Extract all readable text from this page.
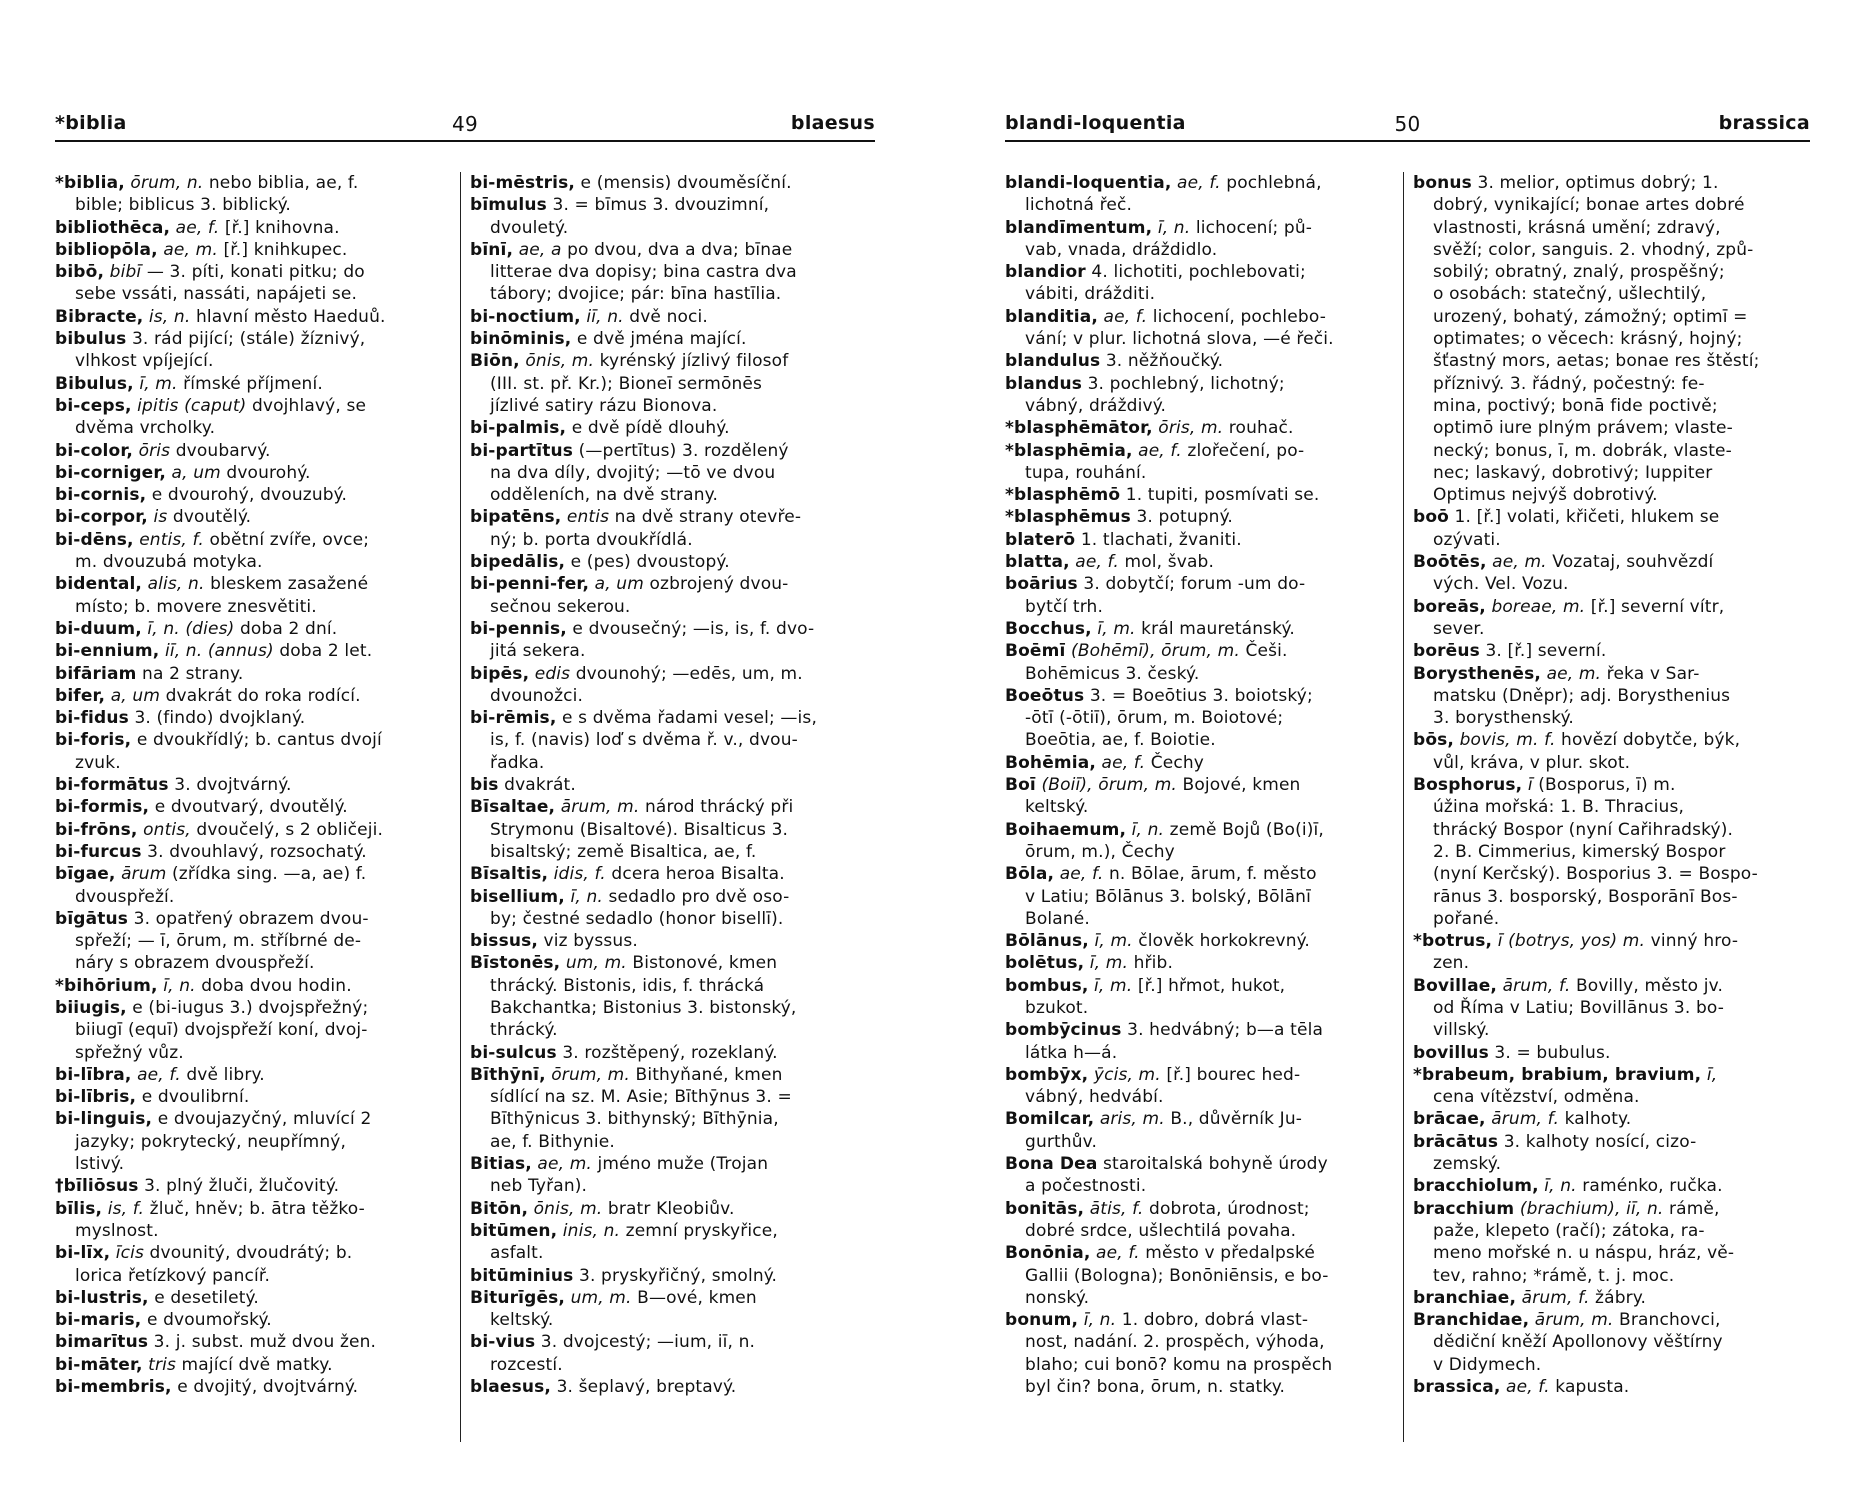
*biblia	49	blaesus
*biblia, ōrum, n. nebo biblia, ae, f.
bible; biblicus 3. biblický.
bibliothēca, ae, f. [ř.] knihovna.
bibliopōla, ae, m. [ř.] knihkupec.
bibō, bibī — 3. píti, konati pitku; do
sebe vssáti, nassáti, napájeti se.
Bibracte, is, n. hlavní město Haeduů.
bibulus 3. rád pijící; (stále) žíznivý,
vlhkost vpíjející.
Bibulus, ī, m. římské příjmení.
bi-ceps, ipitis (caput) dvojhlavý, se
dvěma vrcholky.
bi-color, ōris dvoubarvý.
bi-corniger, a, um dvourohý.
bi-cornis, e dvourohý, dvouzubý.
bi-corpor, is dvoutělý.
bi-dēns, entis, f. obětní zvíře, ovce;
m. dvouzubá motyka.
bidental, alis, n. bleskem zasažené
místo; b. movere znesvětiti.
bi-duum, ī, n. (dies) doba 2 dní.
bi-ennium, iī, n. (annus) doba 2 let.
bifāriam na 2 strany.
bifer, a, um dvakrát do roka rodící.
bi-fidus 3. (findo) dvojklaný.
bi-foris, e dvoukřídlý; b. cantus dvojí
zvuk.
bi-formātus 3. dvojtvárný.
bi-formis, e dvoutvarý, dvoutělý.
bi-frōns, ontis, dvoučelý, s 2 obličeji.
bi-furcus 3. dvouhlavý, rozsochatý.
bīgae, ārum (zřídka sing. —a, ae) f.
dvouspřeží.
bīgātus 3. opatřený obrazem dvou-
spřeží; — ī, ōrum, m. stříbrné de-
náry s obrazem dvouspřeží.
*bihōrium, ī, n. doba dvou hodin.
biiugis, e (bi-iugus 3.) dvojspřežný;
biiugī (equī) dvojspřeží koní, dvoj-
spřežný vůz.
bi-lībra, ae, f. dvě libry.
bi-lībris, e dvoulibrní.
bi-linguis, e dvoujazyčný, mluvící 2
jazyky; pokrytecký, neupřímný,
lstivý.
†bīliōsus 3. plný žluči, žlučovitý.
bīlis, is, f. žluč, hněv; b. ātra těžko-
myslnost.
bi-līx, īcis dvounitý, dvoudrátý; b.
lorica řetízkový pancíř.
bi-lustris, e desetiletý.
bi-maris, e dvoumořský.
bimarītus 3. j. subst. muž dvou žen.
bi-māter, tris mající dvě matky.
bi-membris, e dvojitý, dvojtvárný.
bi-mēstris, e (mensis) dvouměsíční.
bīmulus 3. = bīmus 3. dvouzimní,
dvouletý.
bīnī, ae, a po dvou, dva a dva; bīnae
litterae dva dopisy; bina castra dva
tábory; dvojice; pár: bīna hastīlia.
bi-noctium, iī, n. dvě noci.
binōminis, e dvě jména mající.
Biōn, ōnis, m. kyrénský jízlivý filosof
(III. st. př. Kr.); Bioneī sermōnēs
jízlivé satiry rázu Bionova.
bi-palmis, e dvě pídě dlouhý.
bi-partītus (—pertītus) 3. rozdělený
na dva díly, dvojitý; —tō ve dvou
odděleních, na dvě strany.
bipatēns, entis na dvě strany otevře-
ný; b. porta dvoukřídlá.
bipedālis, e (pes) dvoustopý.
bi-penni-fer, a, um ozbrojený dvou-
sečnou sekerou.
bi-pennis, e dvousečný; —is, is, f. dvo-
jitá sekera.
bipēs, edis dvounohý; —edēs, um, m.
dvounožci.
bi-rēmis, e s dvěma řadami vesel; —is,
is, f. (navis) loď s dvěma ř. v., dvou-
řadka.
bis dvakrát.
Bīsaltae, ārum, m. národ thrácký při
Strymonu (Bisaltové). Bisalticus 3.
bisaltský; země Bisaltica, ae, f.
Bīsaltis, idis, f. dcera heroa Bisalta.
bisellium, ī, n. sedadlo pro dvě oso-
by; čestné sedadlo (honor bisellī).
bissus, viz byssus.
Bīstonēs, um, m. Bistonové, kmen
thrácký. Bistonis, idis, f. thrácká
Bakchantka; Bistonius 3. bistonský,
thrácký.
bi-sulcus 3. rozštěpený, rozeklaný.
Bīthȳnī, ōrum, m. Bithyňané, kmen
sídlící na sz. M. Asie; Bīthȳnus 3. =
Bīthȳnicus 3. bithynský; Bīthȳnia,
ae, f. Bithynie.
Bitias, ae, m. jméno muže (Trojan
neb Tyřan).
Bitōn, ōnis, m. bratr Kleobiův.
bitūmen, inis, n. zemní pryskyřice,
asfalt.
bitūminius 3. pryskyřičný, smolný.
Biturīgēs, um, m. B—ové, kmen
keltský.
bi-vius 3. dvojcestý; —ium, iī, n.
rozcestí.
blaesus, 3. šeplavý, breptavý.
blandi-loquentia	50	brassica
blandi-loquentia, ae, f. pochlebná,
lichotná řeč.
blandīmentum, ī, n. lichocení; pů-
vab, vnada, dráždidlo.
blandior 4. lichotiti, pochlebovati;
vábiti, drážditi.
blanditia, ae, f. lichocení, pochlebo-
vání; v plur. lichotná slova, —é řeči.
blandulus 3. něžňoučký.
blandus 3. pochlebný, lichotný;
vábný, dráždivý.
*blasphēmātor, ōris, m. rouhač.
*blasphēmia, ae, f. zlořečení, po-
tupa, rouhání.
*blasphēmō 1. tupiti, posmívati se.
*blasphēmus 3. potupný.
blaterō 1. tlachati, žvaniti.
blatta, ae, f. mol, švab.
boārius 3. dobytčí; forum -um do-
bytčí trh.
Bocchus, ī, m. král mauretánský.
Boēmī (Bohēmī), ōrum, m. Češi.
Bohēmicus 3. český.
Boeōtus 3. = Boeōtius 3. boiotský;
-ōtī (-ōtiī), ōrum, m. Boiotové;
Boeōtia, ae, f. Boiotie.
Bohēmia, ae, f. Čechy
Boī (Boiī), ōrum, m. Bojové, kmen
keltský.
Boihaemum, ī, n. země Bojů (Bo(i)ī,
ōrum, m.), Čechy
Bōla, ae, f. n. Bōlae, ārum, f. město
v Latiu; Bōlānus 3. bolský, Bōlānī
Bolané.
Bōlānus, ī, m. člověk horkokrevný.
bolētus, ī, m. hřib.
bombus, ī, m. [ř.] hřmot, hukot,
bzukot.
bombȳcinus 3. hedvábný; b—a tēla
látka h—á.
bombȳx, ȳcis, m. [ř.] bourec hed-
vábný, hedvábí.
Bomilcar, aris, m. B., důvěrník Ju-
gurthův.
Bona Dea staroitalská bohyně úrody
a počestnosti.
bonitās, ātis, f. dobrota, úrodnost;
dobré srdce, ušlechtilá povaha.
Bonōnia, ae, f. město v předalpské
Gallii (Bologna); Bonōniēnsis, e bo-
nonský.
bonum, ī, n. 1. dobro, dobrá vlast-
nost, nadání. 2. prospěch, výhoda,
blaho; cui bonō? komu na prospěch
byl čin? bona, ōrum, n. statky.
bonus 3. melior, optimus dobrý; 1.
dobrý, vynikající; bonae artes dobré
vlastnosti, krásná umění; zdravý,
svěží; color, sanguis. 2. vhodný, způ-
sobilý; obratný, znalý, prospěšný;
o osobách: statečný, ušlechtilý,
urozený, bohatý, zámožný; optimī =
optimates; o věcech: krásný, hojný;
šťastný mors, aetas; bonae res štěstí;
příznivý. 3. řádný, počestný: fe-
mina, poctivý; bonā fide poctivě;
optimō iure plným právem; vlaste-
necký; bonus, ī, m. dobrák, vlaste-
nec; laskavý, dobrotivý; Iuppiter
Optimus nejvýš dobrotivý.
boō 1. [ř.] volati, křičeti, hlukem se
ozývati.
Boōtēs, ae, m. Vozataj, souhvězdí
vých. Vel. Vozu.
boreās, boreae, m. [ř.] severní vítr,
sever.
borēus 3. [ř.] severní.
Borysthenēs, ae, m. řeka v Sar-
matsku (Dněpr); adj. Borysthenius
3. borysthenský.
bōs, bovis, m. f. hovězí dobytče, býk,
vůl, kráva, v plur. skot.
Bosphorus, ī (Bosporus, ī) m.
úžina mořská: 1. B. Thracius,
thrácký Bospor (nyní Cařihradský).
2. B. Cimmerius, kimerský Bospor
(nyní Kerčský). Bosporius 3. = Bospo-
rānus 3. bosporský, Bosporānī Bos-
pořané.
*botrus, ī (botrys, yos) m. vinný hro-
zen.
Bovillae, ārum, f. Bovilly, město jv.
od Říma v Latiu; Bovillānus 3. bo-
villský.
bovillus 3. = bubulus.
*brabeum, brabium, bravium, ī,
cena vítězství, odměna.
brācae, ārum, f. kalhoty.
brācātus 3. kalhoty nosící, cizo-
zemský.
bracchiolum, ī, n. raménko, ručka.
bracchium (brachium), iī, n. rámě,
paže, klepeto (račí); zátoka, ra-
meno mořské n. u náspu, hráz, vě-
tev, rahno; *rámě, t. j. moc.
branchiae, ārum, f. žábry.
Branchidae, ārum, m. Branchovci,
dědiční kněží Apollonovy věštírny
v Didymech.
brassica, ae, f. kapusta.
